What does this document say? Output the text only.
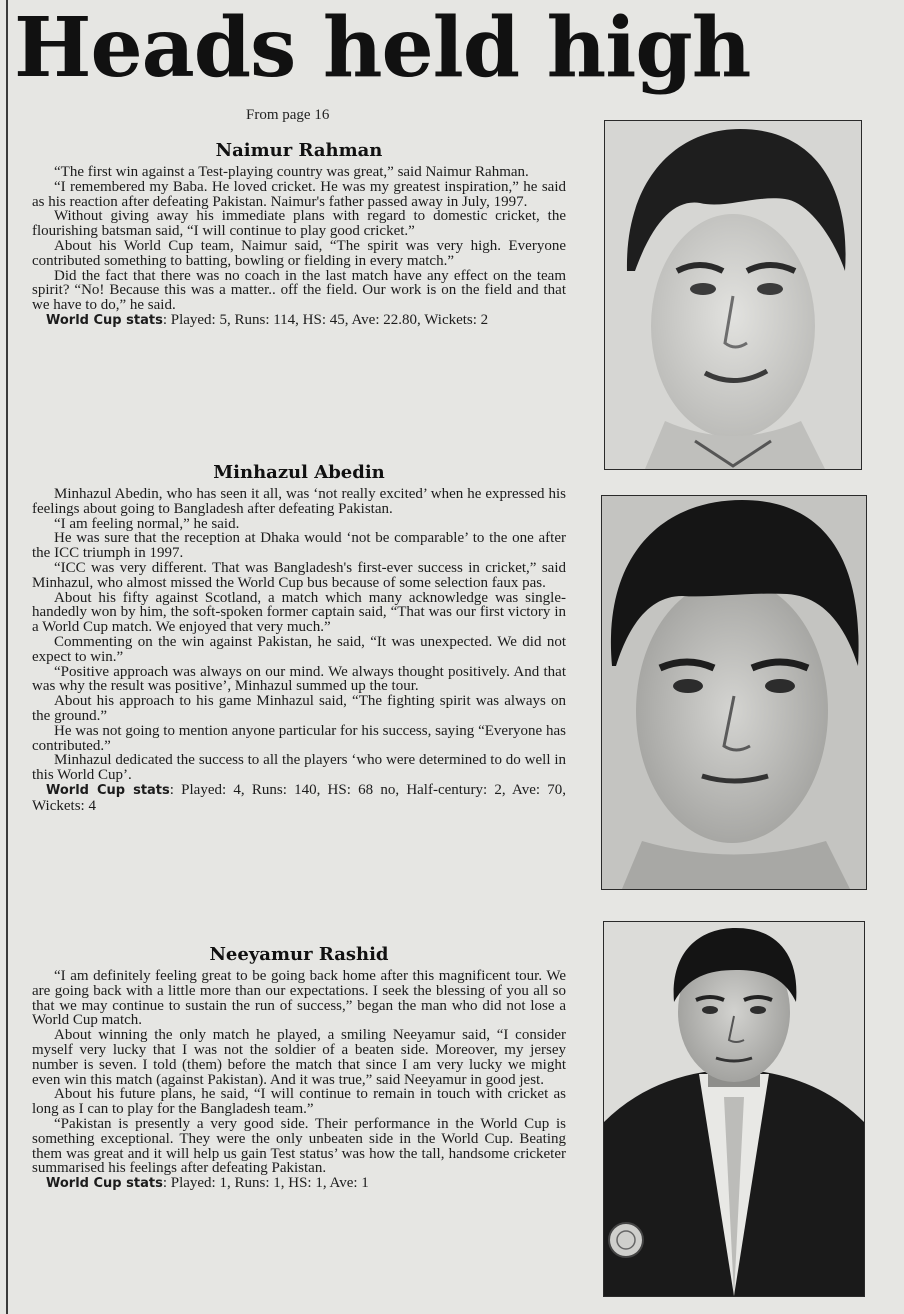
Heads held high
From page 16
Naimur Rahman

“The first win against a Test-playing country was great,” said Naimur Rahman.

“I remembered my Baba. He loved cricket. He was my greatest inspiration,” he said as his reaction after defeating Pakistan. Naimur's father passed away in July, 1997.

Without giving away his immediate plans with regard to domestic cricket, the flourishing batsman said, “I will continue to play good cricket.”

About his World Cup team, Naimur said, “The spirit was very high. Everyone contributed something to batting, bowling or fielding in every match.”

Did the fact that there was no coach in the last match have any effect on the team spirit? “No! Because this was a matter.. off the field. Our work is on the field and that we have to do,” he said.

World Cup stats: Played: 5, Runs: 114, HS: 45, Ave: 22.80, Wickets: 2

Minhazul Abedin

Minhazul Abedin, who has seen it all, was ‘not really excited’ when he expressed his feelings about going to Bangladesh after defeating Pakistan.

“I am feeling normal,” he said.

He was sure that the reception at Dhaka would ‘not be comparable’ to the one after the ICC triumph in 1997.

“ICC was very different. That was Bangladesh's first-ever success in cricket,” said Minhazul, who almost missed the World Cup bus because of some selection faux pas.

About his fifty against Scotland, a match which many acknowledge was single-handedly won by him, the soft-spoken former captain said, “That was our first victory in a World Cup match. We enjoyed that very much.”

Commenting on the win against Pakistan, he said, “It was unexpected. We did not expect to win.”

“Positive approach was always on our mind. We always thought positively. And that was why the result was positive’, Minhazul summed up the tour.

About his approach to his game Minhazul said, “The fighting spirit was always on the ground.”

He was not going to mention anyone particular for his success, saying “Everyone has contributed.”

Minhazul dedicated the success to all the players ‘who were determined to do well in this World Cup’.

World Cup stats: Played: 4, Runs: 140, HS: 68 no, Half-century: 2, Ave: 70, Wickets: 4

Neeyamur Rashid

“I am definitely feeling great to be going back home after this magnificent tour. We are going back with a little more than our expectations. I seek the blessing of you all so that we may continue to sustain the run of success,” began the man who did not lose a World Cup match.

About winning the only match he played, a smiling Neeyamur said, “I consider myself very lucky that I was not the soldier of a beaten side. Moreover, my jersey number is seven. I told (them) before the match that since I am very lucky we might even win this match (against Pakistan). And it was true,” said Neeyamur in good jest.

About his future plans, he said, “I will continue to remain in touch with cricket as long as I can to play for the Bangladesh team.”

“Pakistan is presently a very good side. Their performance in the World Cup is something exceptional. They were the only unbeaten side in the World Cup. Beating them was great and it will help us gain Test status’ was how the tall, handsome cricketer summarised his feelings after defeating Pakistan.

World Cup stats: Played: 1, Runs: 1, HS: 1, Ave: 1
